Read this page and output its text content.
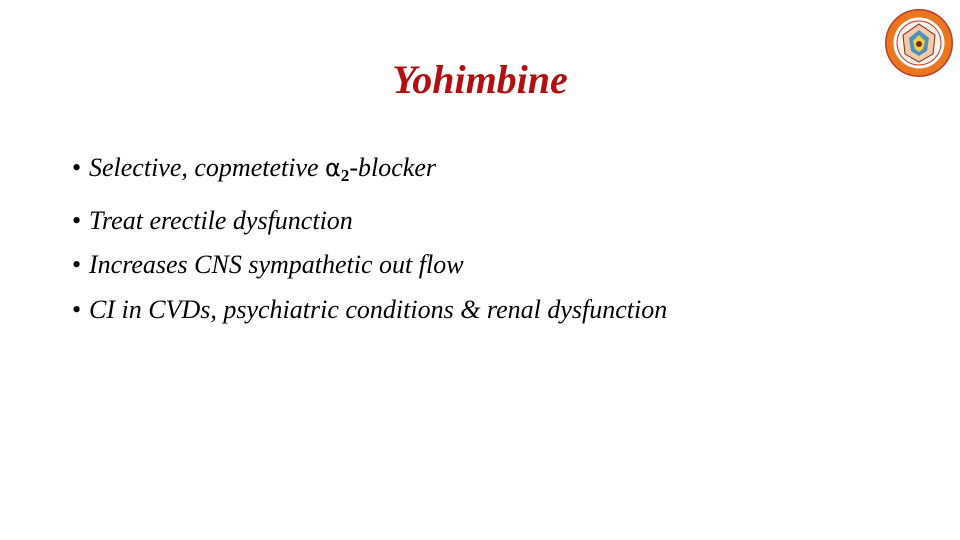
Yohimbine
• Selective, copmetetive $\alpha_2$-blocker
• Treat erectile dysfunction
• Increases CNS sympathetic out flow
• CI in CVDs, psychiatric conditions & renal dysfunction
